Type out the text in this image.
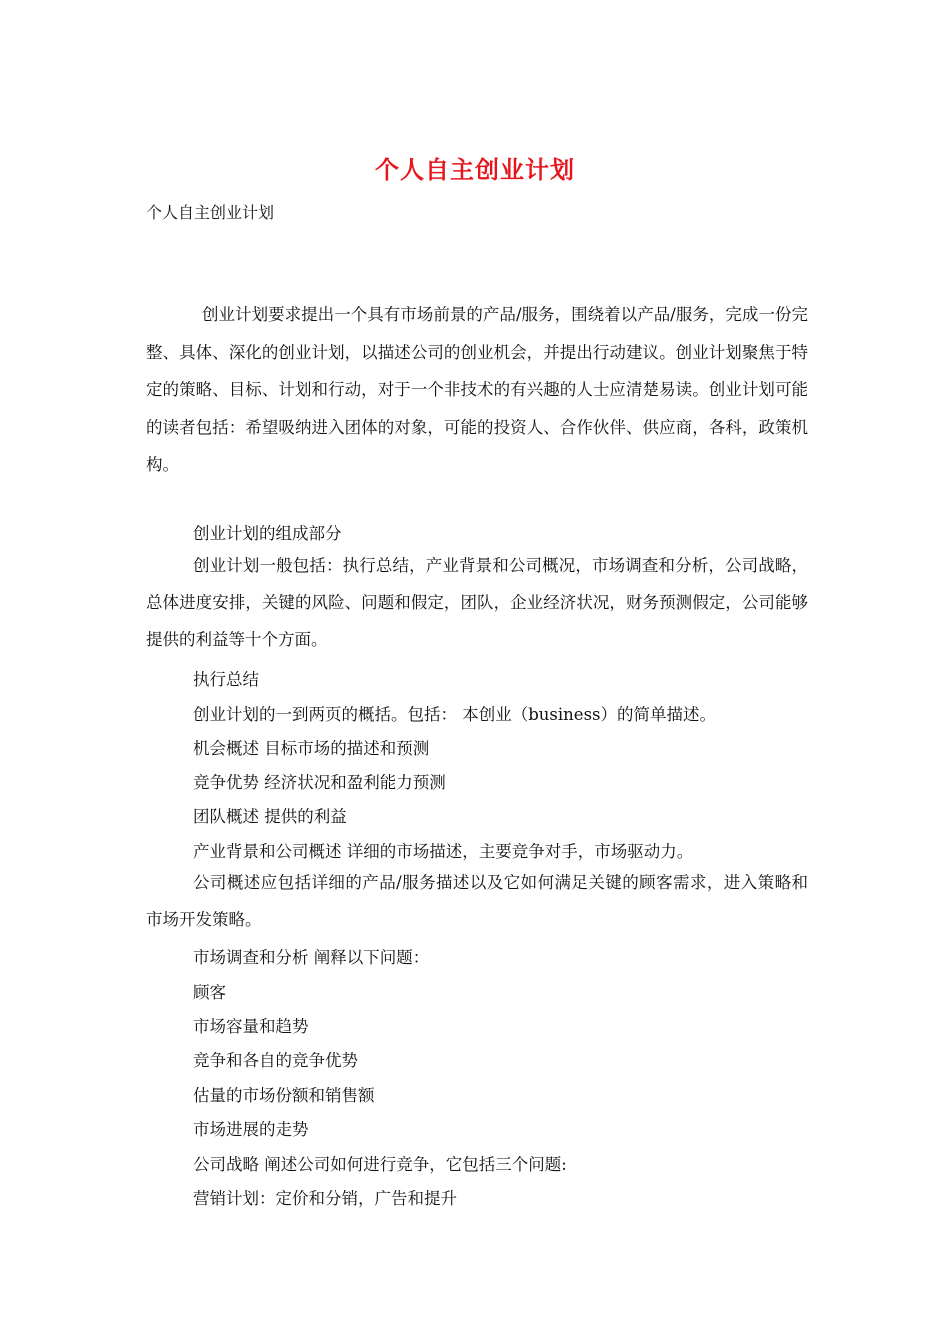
个人自主创业计划
个人自主创业计划
创业计划要求提出一个具有市场前景的产品/服务，围绕着以产品/服务，完成一份完整、具体、深化的创业计划，以描述公司的创业机会，并提出行动建议。创业计划聚焦于特定的策略、目标、计划和行动，对于一个非技术的有兴趣的人士应清楚易读。创业计划可能的读者包括：希望吸纳进入团体的对象，可能的投资人、合作伙伴、供应商，各科，政策机构。
创业计划的组成部分
创业计划一般包括：执行总结，产业背景和公司概况，市场调查和分析，公司战略，总体进度安排，关键的风险、问题和假定，团队，企业经济状况，财务预测假定，公司能够提供的利益等十个方面。
执行总结
创业计划的一到两页的概括。包括： 本创业（business）的简单描述。
机会概述 目标市场的描述和预测
竞争优势 经济状况和盈利能力预测
团队概述 提供的利益
产业背景和公司概述 详细的市场描述，主要竞争对手，市场驱动力。
公司概述应包括详细的产品/服务描述以及它如何满足关键的顾客需求，进入策略和市场开发策略。
市场调查和分析 阐释以下问题：
顾客
市场容量和趋势
竞争和各自的竞争优势
估量的市场份额和销售额
市场进展的走势
公司战略 阐述公司如何进行竞争，它包括三个问题:
营销计划：定价和分销，广告和提升
